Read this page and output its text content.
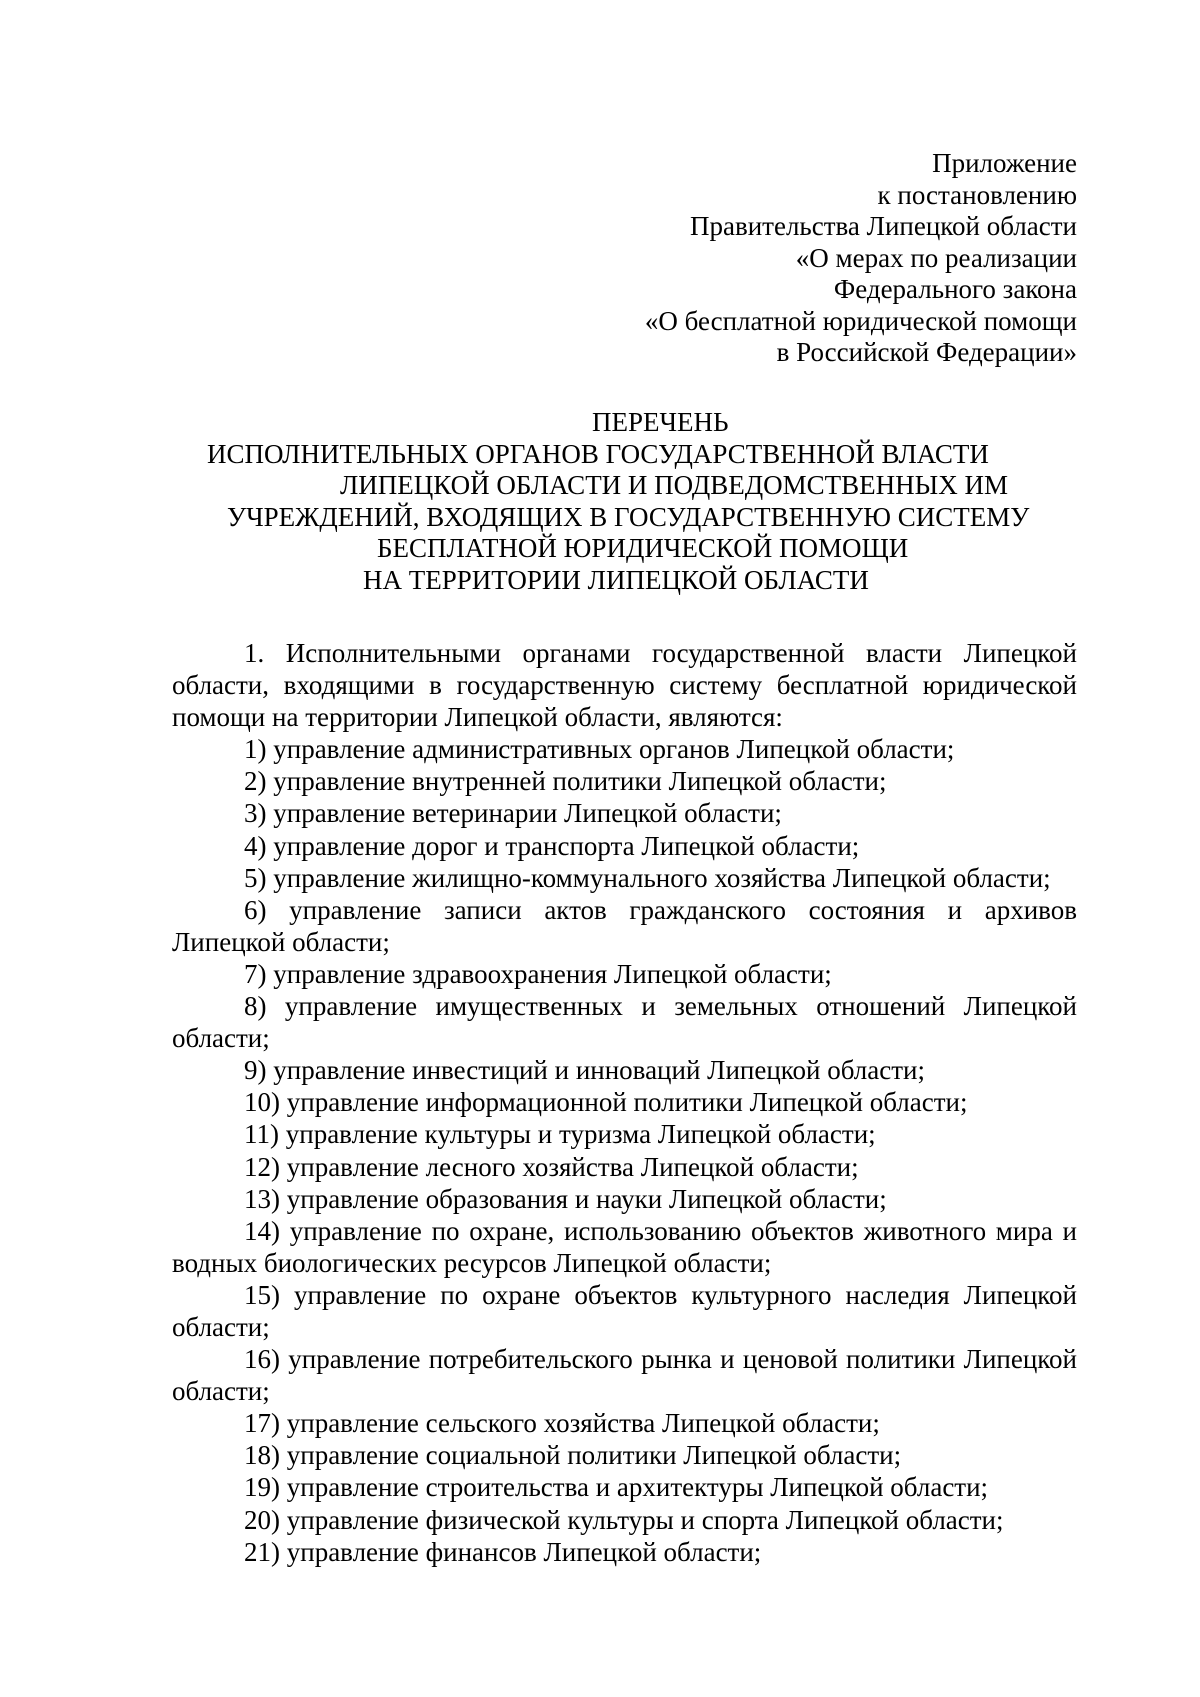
Приложение
к постановлению
Правительства Липецкой области
«О мерах по реализации
Федерального закона
«О бесплатной юридической помощи
в Российской Федерации»
ПЕРЕЧЕНЬ
ИСПОЛНИТЕЛЬНЫХ ОРГАНОВ ГОСУДАРСТВЕННОЙ ВЛАСТИ
ЛИПЕЦКОЙ ОБЛАСТИ И ПОДВЕДОМСТВЕННЫХ ИМ
УЧРЕЖДЕНИЙ, ВХОДЯЩИХ В ГОСУДАРСТВЕННУЮ СИСТЕМУ
БЕСПЛАТНОЙ ЮРИДИЧЕСКОЙ ПОМОЩИ
НА ТЕРРИТОРИИ ЛИПЕЦКОЙ ОБЛАСТИ

1. Исполнительными органами государственной власти Липецкой области, входящими в государственную систему бесплатной юридической помощи на территории Липецкой области, являются:

1) управление административных органов Липецкой области;

2) управление внутренней политики Липецкой области;

3) управление ветеринарии Липецкой области;

4) управление дорог и транспорта Липецкой области;

5) управление жилищно-коммунального хозяйства Липецкой области;

6) управление записи актов гражданского состояния и архивов Липецкой области;

7) управление здравоохранения Липецкой области;

8) управление имущественных и земельных отношений Липецкой области;

9) управление инвестиций и инноваций Липецкой области;

10) управление информационной политики Липецкой области;

11) управление культуры и туризма Липецкой области;

12) управление лесного хозяйства Липецкой области;

13) управление образования и науки Липецкой области;

14) управление по охране, использованию объектов животного мира и водных биологических ресурсов Липецкой области;

15) управление по охране объектов культурного наследия Липецкой области;

16) управление потребительского рынка и ценовой политики Липецкой области;

17) управление сельского хозяйства Липецкой области;

18) управление социальной политики Липецкой области;

19) управление строительства и архитектуры Липецкой области;

20) управление физической культуры и спорта Липецкой области;

21) управление финансов Липецкой области;
